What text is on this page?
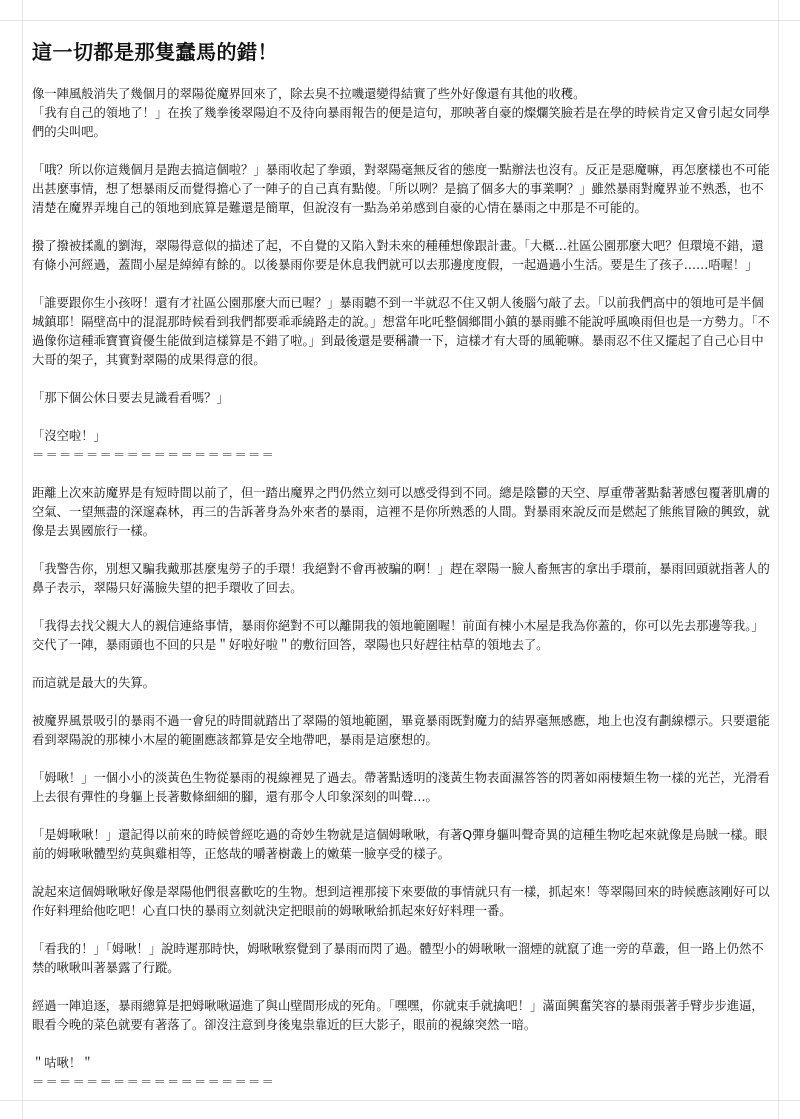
這一切都是那隻蠢馬的錯！
像一陣風般消失了幾個月的翠陽從魔界回來了，除去臭不拉嘰還變得結實了些外好像還有其他的收穫。
「我有自己的領地了！」在挨了幾拳後翠陽迫不及待向暴雨報告的便是這句，那映著自豪的燦爛笑臉若是在學的時候肯定又會引起女同學們的尖叫吧。
「哦？所以你這幾個月是跑去搞這個啦？」暴雨收起了拳頭，對翠陽毫無反省的態度一點辦法也沒有。反正是惡魔嘛，再怎麼樣也不可能出甚麼事情，想了想暴雨反而覺得擔心了一陣子的自己真有點傻。「所以咧？是搞了個多大的事業啊？」雖然暴雨對魔界並不熟悉，也不清楚在魔界弄塊自己的領地到底算是難還是簡單，但說沒有一點為弟弟感到自豪的心情在暴雨之中那是不可能的。
撥了撥被揉亂的劉海，翠陽得意似的描述了起，不自覺的又陷入對未來的種種想像跟計畫。「大概…社區公園那麼大吧？但環境不錯，還有條小河經過，蓋間小屋是綽綽有餘的。以後暴雨你要是休息我們就可以去那邊度度假，一起過過小生活。要是生了孩子……唔喔！」
「誰要跟你生小孩呀！還有才社區公園那麼大而已喔？」暴雨聽不到一半就忍不住又朝人後腦勺敲了去。「以前我們高中的領地可是半個城鎮耶！隔壁高中的混混那時候看到我們都要乖乖繞路走的說。」想當年叱吒整個鄉間小鎮的暴雨雖不能說呼風喚雨但也是一方勢力。「不過像你這種乖寶寶資優生能做到這樣算是不錯了啦。」到最後還是要稱讚一下，這樣才有大哥的風範嘛。暴雨忍不住又擺起了自己心目中大哥的架子，其實對翠陽的成果得意的很。
「那下個公休日要去見識看看嗎？」
「沒空啦！」
＝＝＝＝＝＝＝＝＝＝＝＝＝＝＝＝＝＝
距離上次來訪魔界是有短時間以前了，但一踏出魔界之門仍然立刻可以感受得到不同。總是陰鬱的天空、厚重帶著點黏著感包覆著肌膚的空氣、一望無盡的深邃森林，再三的告訴著身為外來者的暴雨，這裡不是你所熟悉的人間。對暴雨來說反而是燃起了熊熊冒險的興致，就像是去異國旅行一樣。
「我警告你，別想又騙我戴那甚麼鬼勞子的手環！我絕對不會再被騙的啊！」趕在翠陽一臉人畜無害的拿出手環前，暴雨回頭就指著人的鼻子表示，翠陽只好滿臉失望的把手環收了回去。
「我得去找父親大人的親信連絡事情，暴雨你絕對不可以離開我的領地範圍喔！前面有棟小木屋是我為你蓋的，你可以先去那邊等我。」交代了一陣，暴雨頭也不回的只是＂好啦好啦＂的敷衍回答，翠陽也只好趕往枯草的領地去了。
而這就是最大的失算。
被魔界風景吸引的暴雨不過一會兒的時間就踏出了翠陽的領地範圍，畢竟暴雨既對魔力的結界毫無感應，地上也沒有劃線標示。只要還能看到翠陽說的那棟小木屋的範圍應該都算是安全地帶吧，暴雨是這麼想的。
「姆啾！」一個小小的淡黃色生物從暴雨的視線裡晃了過去。帶著點透明的淺黃生物表面濕答答的閃著如兩棲類生物一樣的光芒，光滑看上去很有彈性的身軀上長著數條細細的腳，還有那令人印象深刻的叫聲…。
「是姆啾啾！」還記得以前來的時候曾經吃過的奇妙生物就是這個姆啾啾，有著Q彈身軀叫聲奇異的這種生物吃起來就像是烏賊一樣。眼前的姆啾啾體型約莫與雞相等，正悠哉的嚼著樹叢上的嫩葉一臉享受的樣子。
說起來這個姆啾啾好像是翠陽他們很喜歡吃的生物。想到這裡那接下來要做的事情就只有一樣，抓起來！等翠陽回來的時候應該剛好可以作好料理給他吃吧！心直口快的暴雨立刻就決定把眼前的姆啾啾給抓起來好好料理一番。
「看我的！」「姆啾！」說時遲那時快，姆啾啾察覺到了暴雨而閃了過。體型小的姆啾啾一溜煙的就竄了進一旁的草叢，但一路上仍然不禁的啾啾叫著暴露了行蹤。
經過一陣追逐，暴雨總算是把姆啾啾逼進了與山壁間形成的死角。「嘿嘿，你就束手就擒吧！」滿面興奮笑容的暴雨張著手臂步步進逼，眼看今晚的菜色就要有著落了。卻沒注意到身後鬼祟靠近的巨大影子，眼前的視線突然一暗。
＂咕啾！＂
＝＝＝＝＝＝＝＝＝＝＝＝＝＝＝＝＝＝
